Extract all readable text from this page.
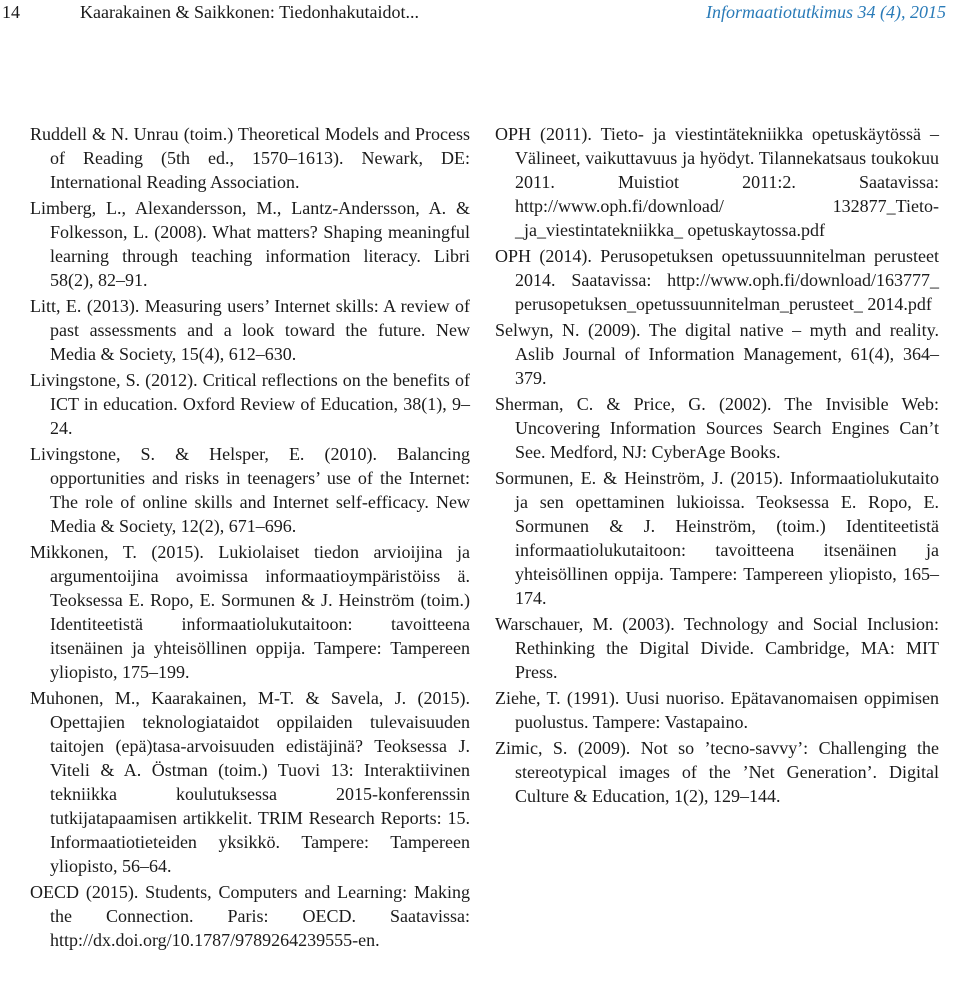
14	Kaarakainen & Saikkonen: Tiedonhakutaidot...	Informaatiotutkimus 34 (4), 2015

Ruddell & N. Unrau (toim.) Theoretical Models and Process of Reading (5th ed., 1570–1613). Newark, DE: International Reading Association.

Limberg, L., Alexandersson, M., Lantz-Andersson, A. & Folkesson, L. (2008). What matters? Shaping meaningful learning through teaching information literacy. Libri 58(2), 82–91.

Litt, E. (2013). Measuring users’ Internet skills: A review of past assessments and a look toward the future. New Media & Society, 15(4), 612–630.

Livingstone, S. (2012). Critical reflections on the benefits of ICT in education. Oxford Review of Education, 38(1), 9–24.

Livingstone, S. & Helsper, E. (2010). Balancing opportunities and risks in teenagers’ use of the Internet: The role of online skills and Internet self-efficacy. New Media & Society, 12(2), 671–696.

Mikkonen, T. (2015). Lukiolaiset tiedon arvioijina ja argumentoijina avoimissa informaatioympäristöiss ä. Teoksessa E. Ropo, E. Sormunen & J. Heinström (toim.) Identiteetistä informaatiolukutaitoon: tavoitteena itsenäinen ja yhteisöllinen oppija. Tampere: Tampereen yliopisto, 175–199.

Muhonen, M., Kaarakainen, M-T. & Savela, J. (2015). Opettajien teknologiataidot oppilaiden tulevaisuuden taitojen (epä)tasa-arvoisuuden edistäjinä? Teoksessa J. Viteli & A. Östman (toim.) Tuovi 13: Interaktiivinen tekniikka koulutuksessa 2015-konferenssin tutkijatapaamisen artikkelit. TRIM Research Reports: 15. Informaatiotieteiden yksikkö. Tampere: Tampereen yliopisto, 56–64.

OECD (2015). Students, Computers and Learning: Making the Connection. Paris: OECD. Saatavissa: http://dx.doi.org/10.1787/9789264239555-en.

OPH (2011). Tieto- ja viestintätekniikka opetuskäytössä – Välineet, vaikuttavuus ja hyödyt. Tilannekatsaus toukokuu 2011. Muistiot 2011:2. Saatavissa: http://www.oph.fi/download/ 132877_Tieto-_ja_viestintatekniikka_ opetuskaytossa.pdf

OPH (2014). Perusopetuksen opetussuunnitelman perusteet 2014. Saatavissa: http://www.oph.fi/download/163777_ perusopetuksen_opetussuunnitelman_perusteet_ 2014.pdf

Selwyn, N. (2009). The digital native – myth and reality. Aslib Journal of Information Management, 61(4), 364–379.

Sherman, C. & Price, G. (2002). The Invisible Web: Uncovering Information Sources Search Engines Can’t See. Medford, NJ: CyberAge Books.

Sormunen, E. & Heinström, J. (2015). Informaatiolukutaito ja sen opettaminen lukioissa. Teoksessa E. Ropo, E. Sormunen & J. Heinström, (toim.) Identiteetistä informaatiolukutaitoon: tavoitteena itsenäinen ja yhteisöllinen oppija. Tampere: Tampereen yliopisto, 165–174.

Warschauer, M. (2003). Technology and Social Inclusion: Rethinking the Digital Divide. Cambridge, MA: MIT Press.

Ziehe, T. (1991). Uusi nuoriso. Epätavanomaisen oppimisen puolustus. Tampere: Vastapaino.

Zimic, S. (2009). Not so ’tecno-savvy’: Challenging the stereotypical images of the ’Net Generation’. Digital Culture & Education, 1(2), 129–144.
